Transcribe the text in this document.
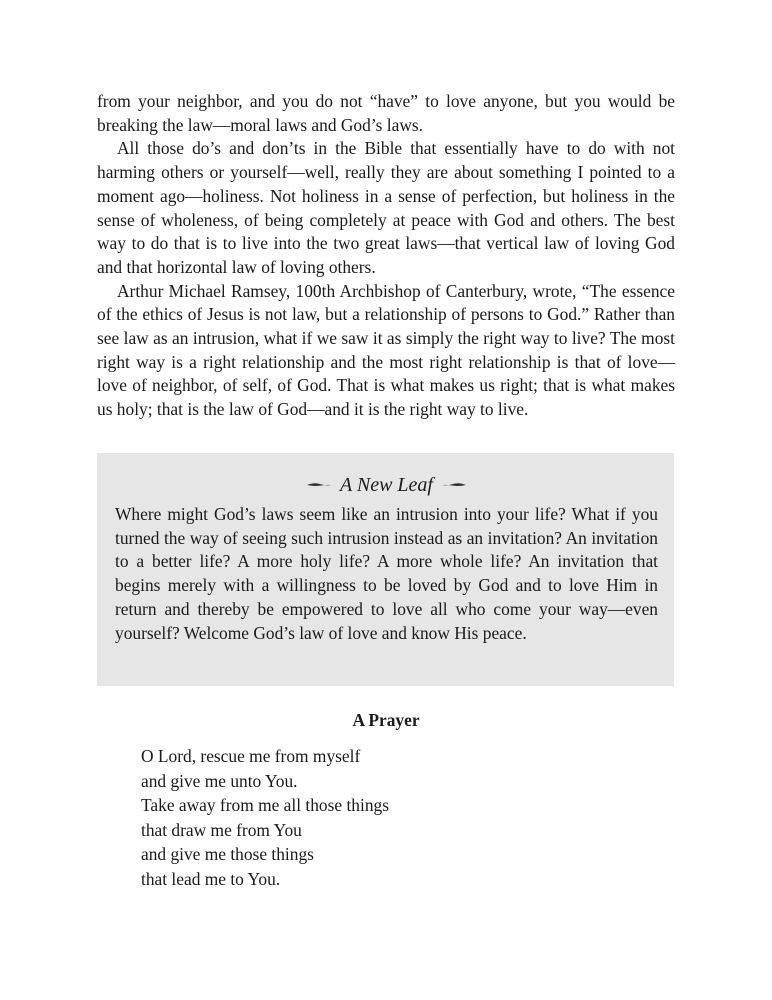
from your neighbor, and you do not “have” to love anyone, but you would be breaking the law—moral laws and God’s laws.

All those do’s and don’ts in the Bible that essentially have to do with not harming others or yourself—well, really they are about something I pointed to a moment ago—holiness. Not holiness in a sense of perfection, but holiness in the sense of wholeness, of being completely at peace with God and others. The best way to do that is to live into the two great laws—that vertical law of loving God and that horizontal law of loving others.

Arthur Michael Ramsey, 100th Archbishop of Canterbury, wrote, “The essence of the ethics of Jesus is not law, but a relationship of persons to God.” Rather than see law as an intrusion, what if we saw it as simply the right way to live? The most right way is a right relationship and the most right relationship is that of love—love of neighbor, of self, of God. That is what makes us right; that is what makes us holy; that is the law of God—and it is the right way to live.

A New Leaf

Where might God’s laws seem like an intrusion into your life? What if you turned the way of seeing such intrusion instead as an invitation? An invitation to a better life? A more holy life? A more whole life? An invitation that begins merely with a willingness to be loved by God and to love Him in return and thereby be empowered to love all who come your way—even yourself? Welcome God’s law of love and know His peace.

A Prayer

O Lord, rescue me from myself
and give me unto You.
Take away from me all those things
that draw me from You
and give me those things
that lead me to You.
